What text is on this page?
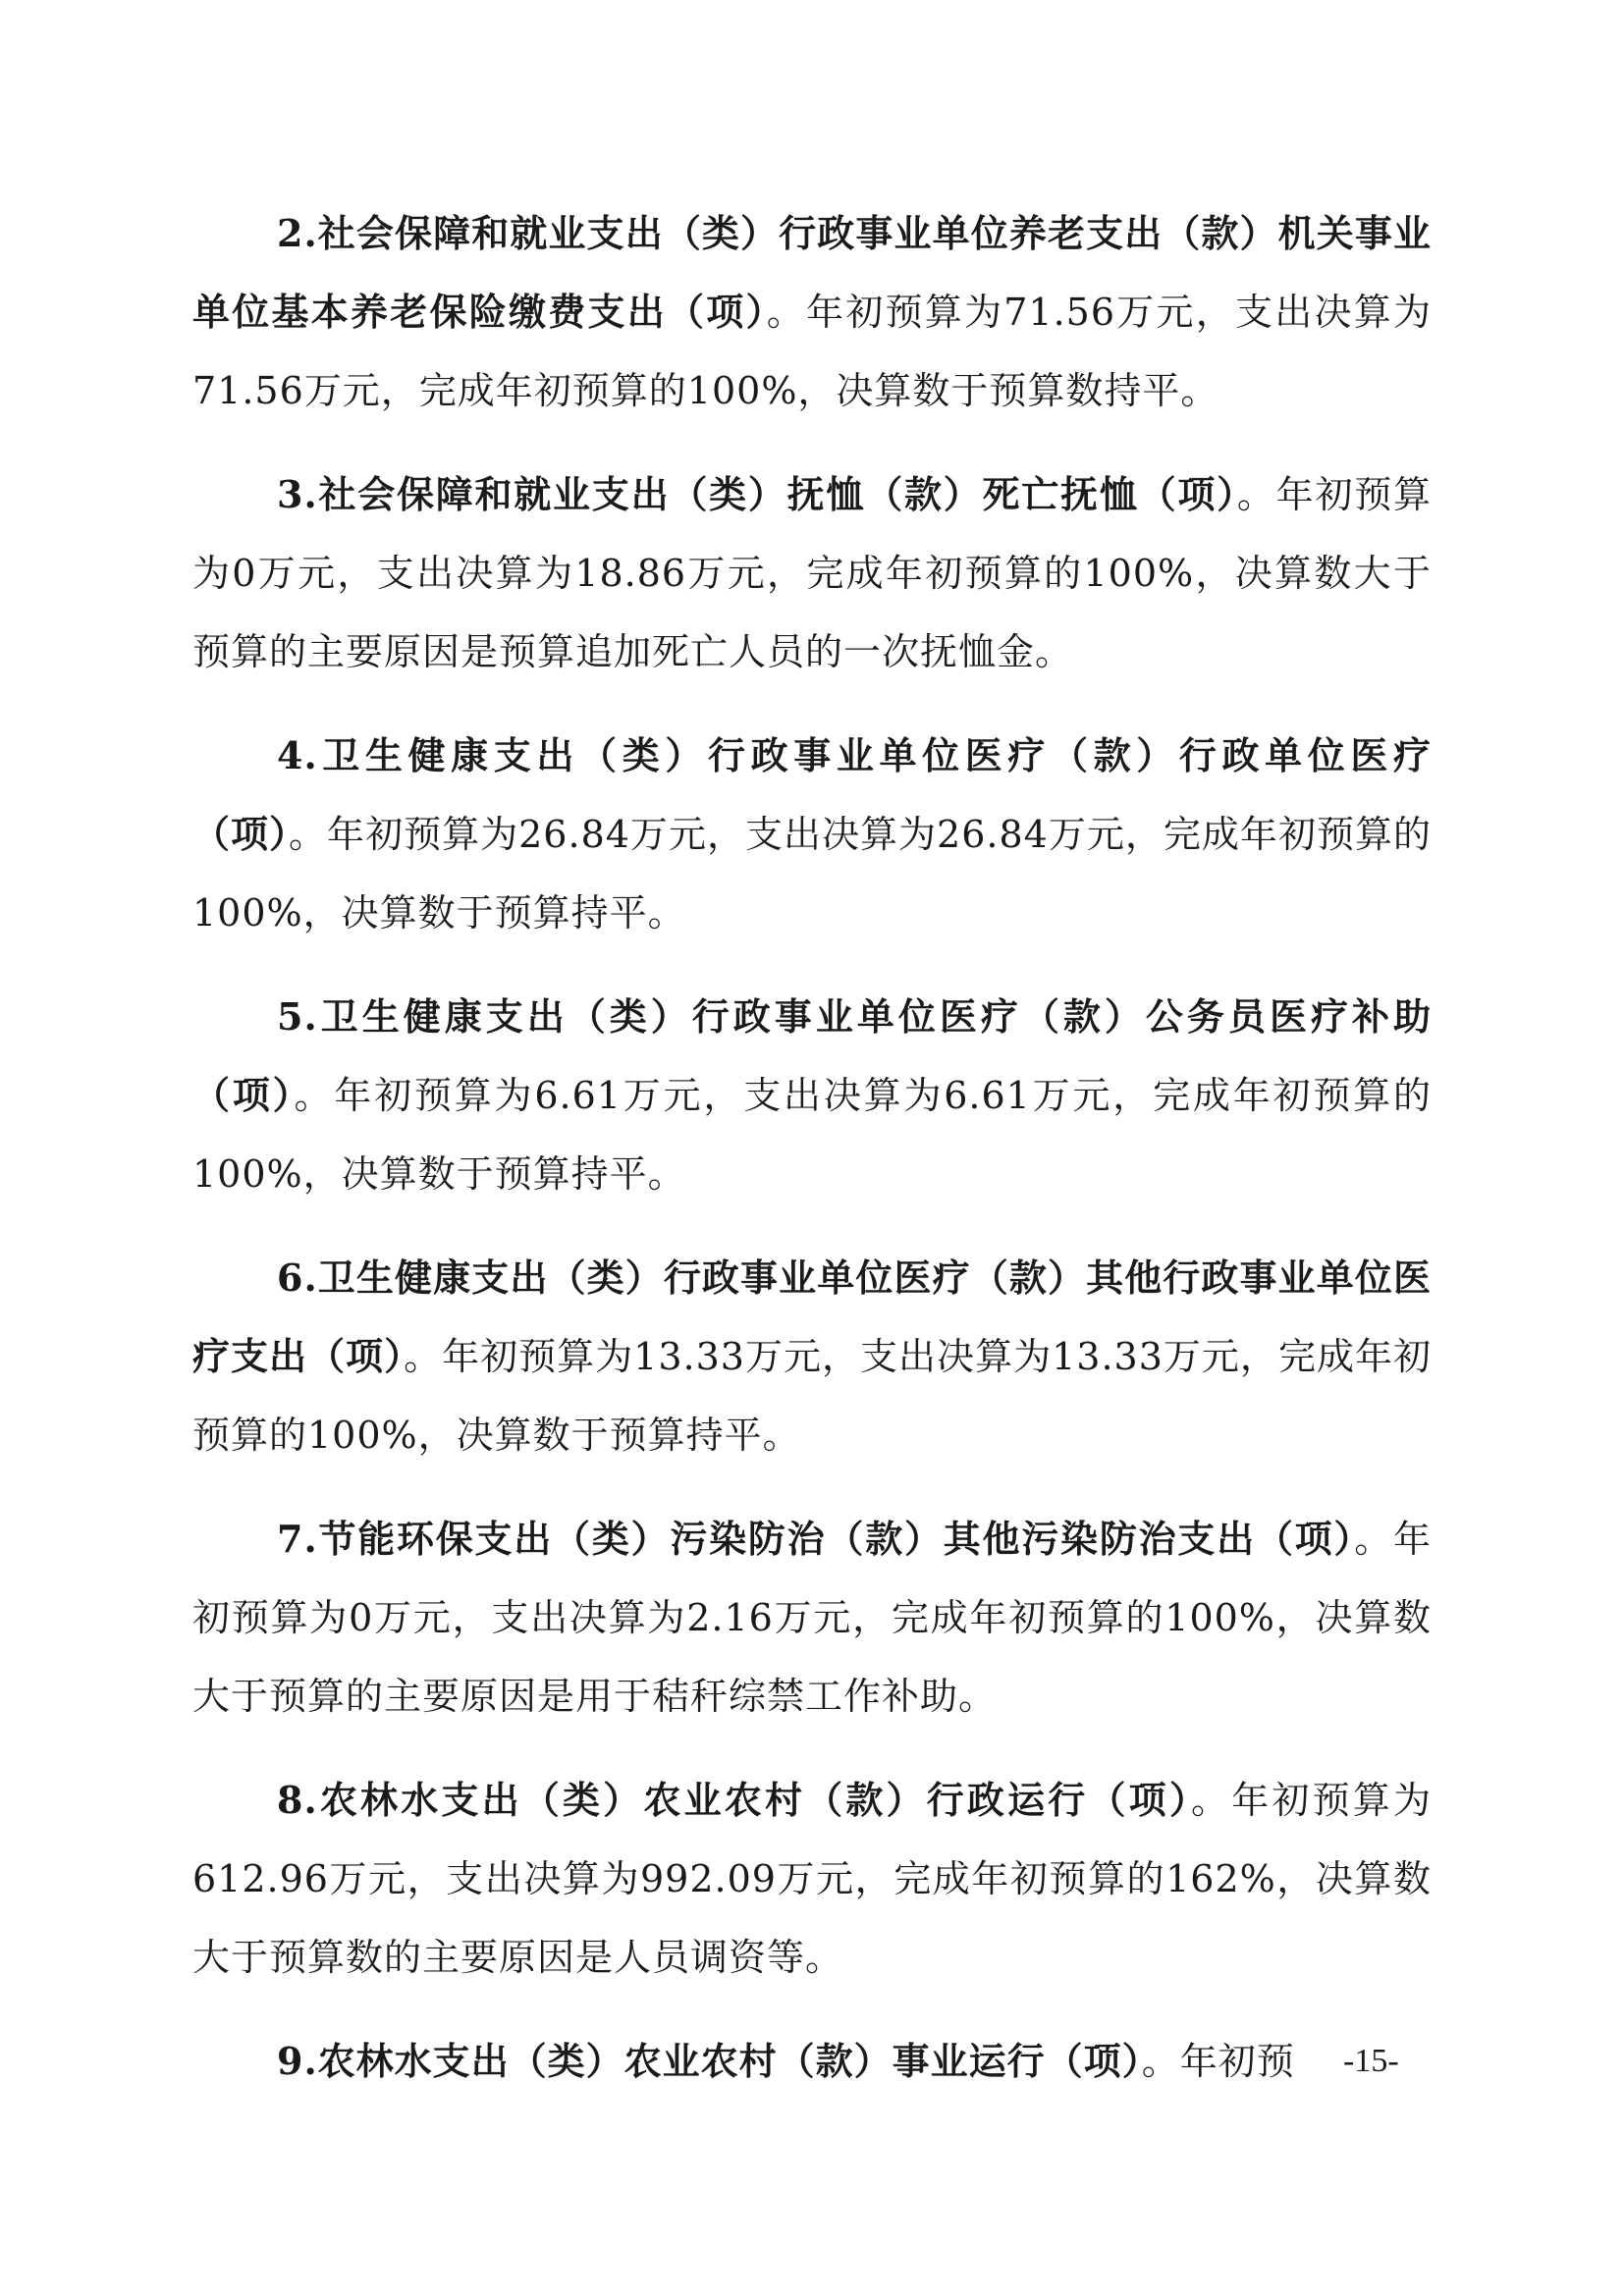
2.社会保障和就业支出（类）行政事业单位养老支出（款）机关事业单位基本养老保险缴费支出（项）。年初预算为71.56万元，支出决算为71.56万元，完成年初预算的100%，决算数于预算数持平。

3.社会保障和就业支出（类）抚恤（款）死亡抚恤（项）。年初预算为0万元，支出决算为18.86万元，完成年初预算的100%，决算数大于预算的主要原因是预算追加死亡人员的一次抚恤金。

4.卫生健康支出（类）行政事业单位医疗（款）行政单位医疗（项）。年初预算为26.84万元，支出决算为26.84万元，完成年初预算的100%，决算数于预算持平。

5.卫生健康支出（类）行政事业单位医疗（款）公务员医疗补助（项）。年初预算为6.61万元，支出决算为6.61万元，完成年初预算的100%，决算数于预算持平。

6.卫生健康支出（类）行政事业单位医疗（款）其他行政事业单位医疗支出（项）。年初预算为13.33万元，支出决算为13.33万元，完成年初预算的100%，决算数于预算持平。

7.节能环保支出（类）污染防治（款）其他污染防治支出（项）。年初预算为0万元，支出决算为2.16万元，完成年初预算的100%，决算数大于预算的主要原因是用于秸秆综禁工作补助。

8.农林水支出（类）农业农村（款）行政运行（项）。年初预算为612.96万元，支出决算为992.09万元，完成年初预算的162%，决算数大于预算数的主要原因是人员调资等。

9.农林水支出（类）农业农村（款）事业运行（项）。年初预	-15-
